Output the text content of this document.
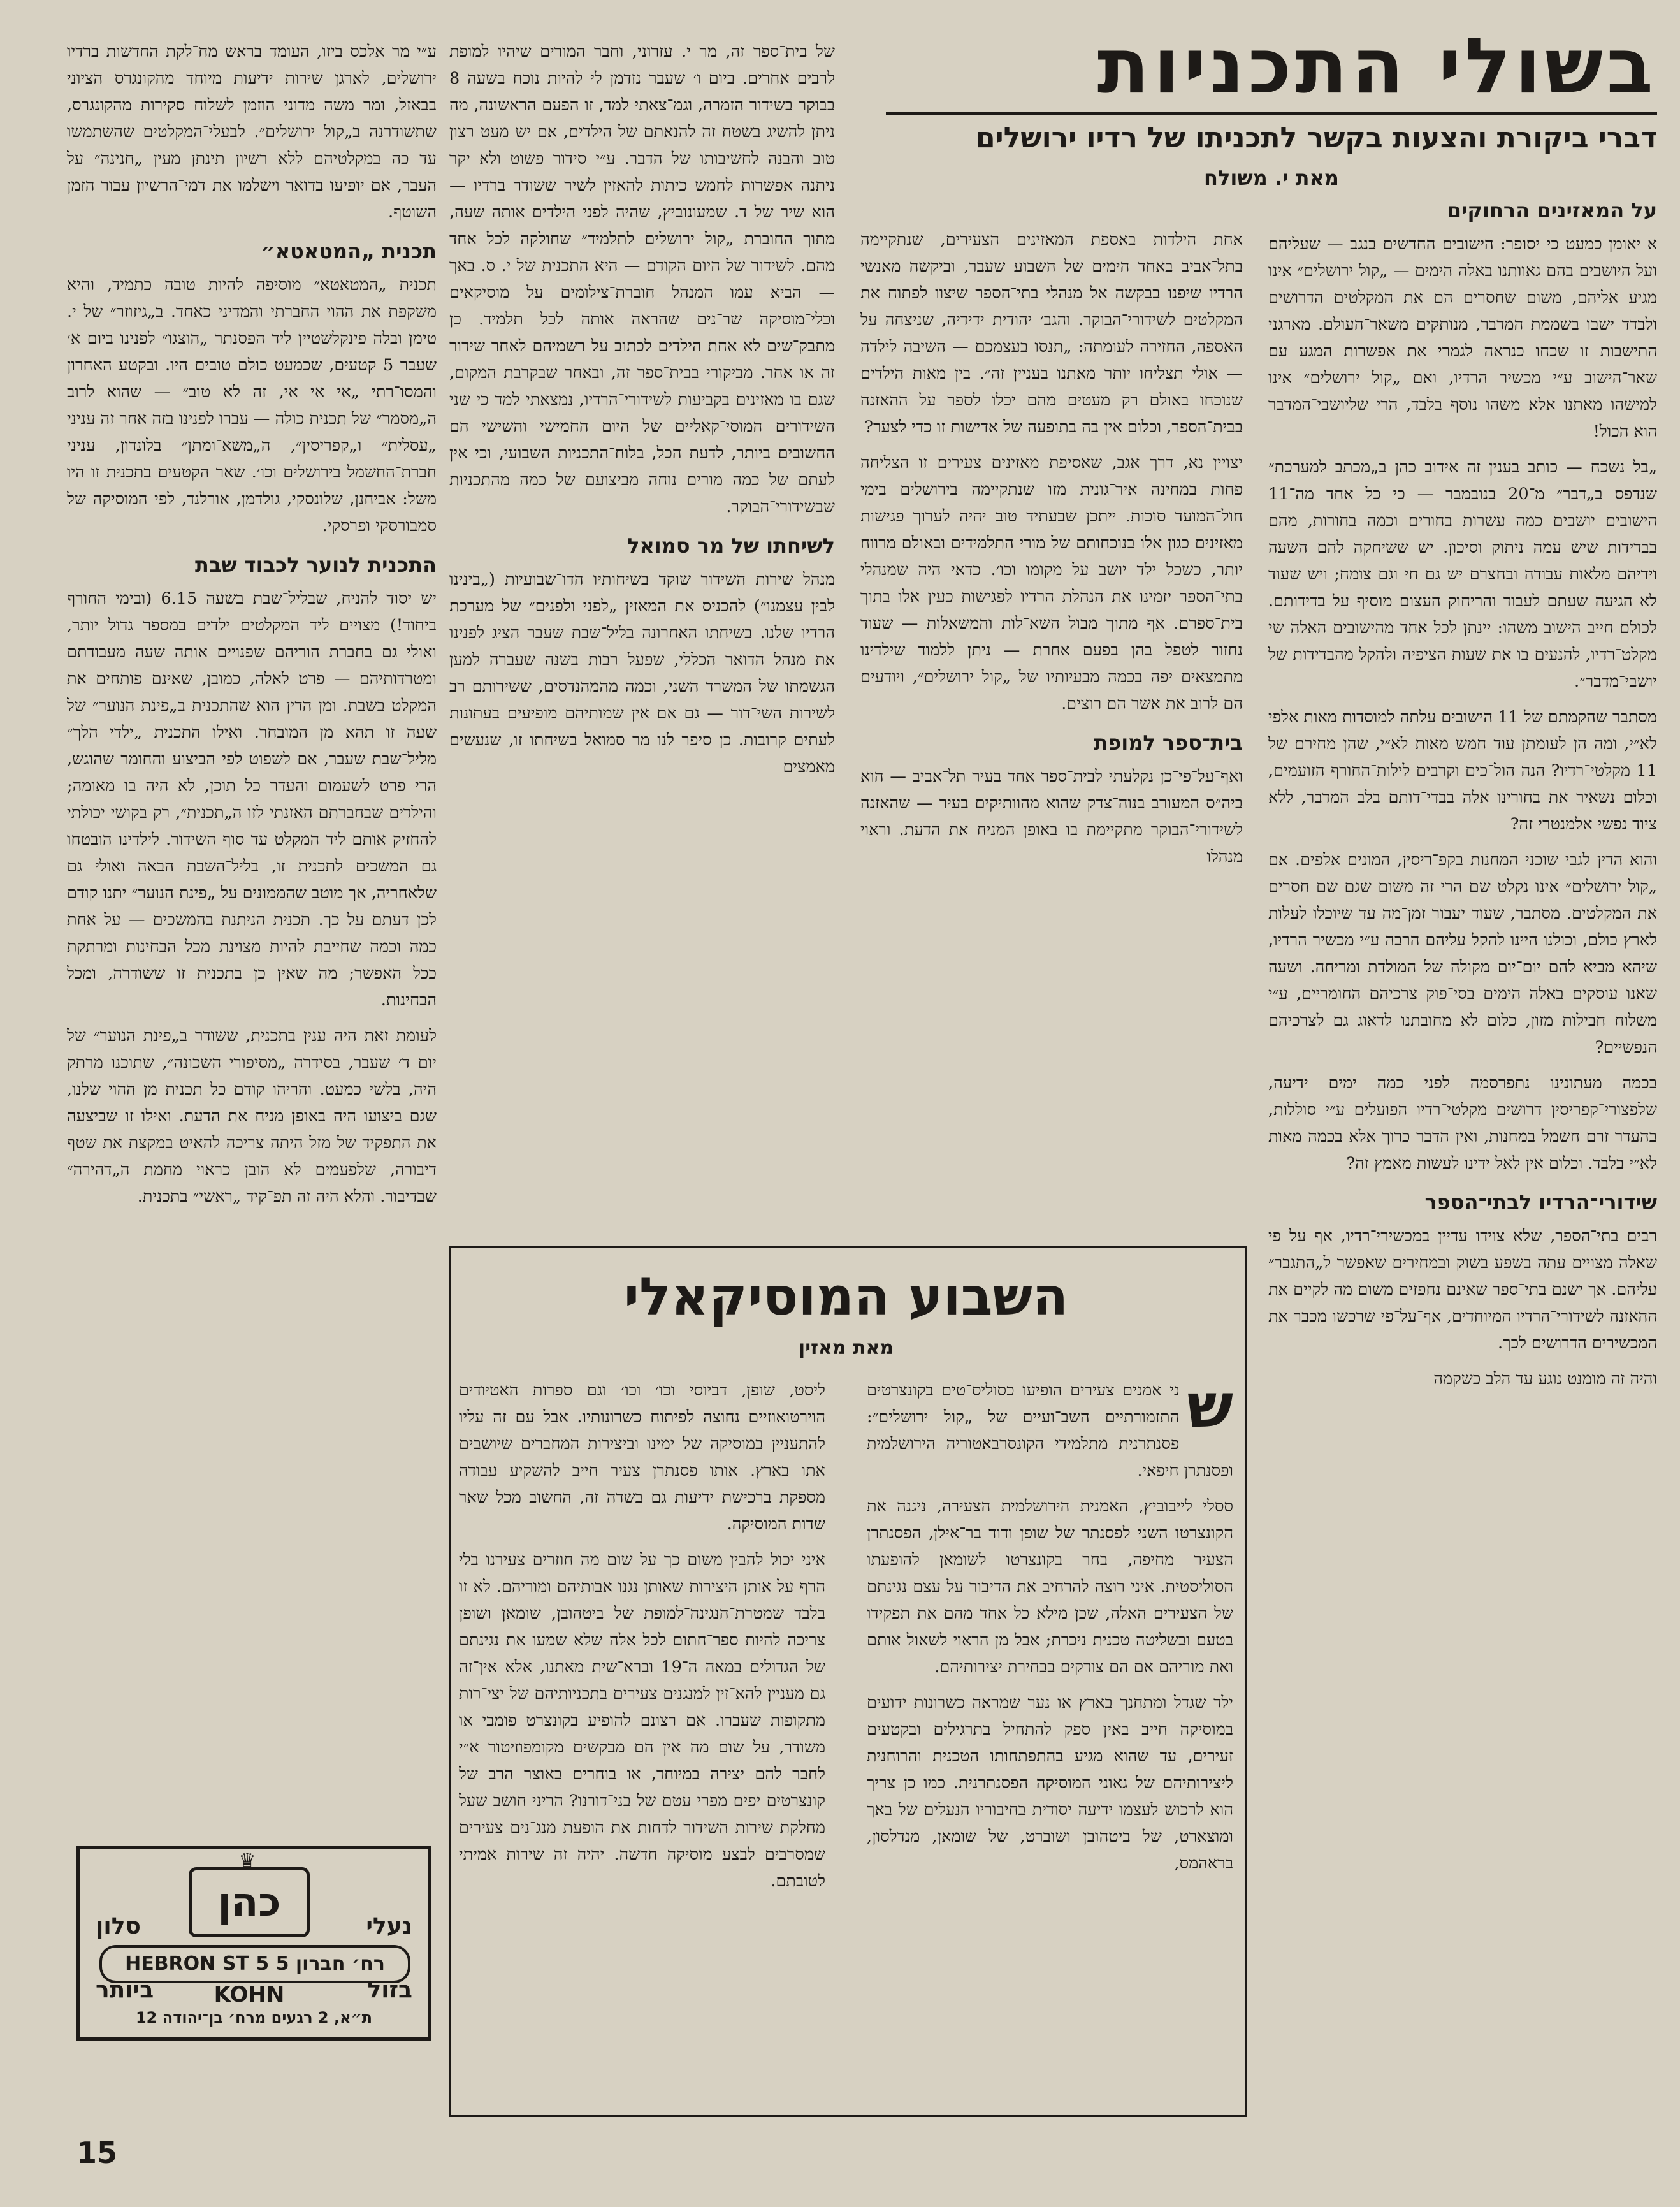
בשולי התכניות
דברי ביקורת והצעות בקשר לתכניתו של רדיו ירושלים
מאת י. משולח
על המאזינים הרחוקים

א יאומן כמעט כי יסופר: הישובים החדשים בנגב — שעליהם ועל היושבים בהם גאוותנו באלה הימים — „קול ירושלים״ אינו מגיע אליהם, משום שחסרים הם את המקלטים הדרושים ולבדד ישבו בשממת המדבר, מנותקים משאר־העולם. מארגני התישבות זו שכחו כנראה לגמרי את אפשרות המגע עם שאר־הישוב ע״י מכשיר הרדיו, ואם „קול ירושלים״ אינו למישהו מאתנו אלא משהו נוסף בלבד, הרי שליושבי־המדבר הוא הכול!

„בל נשכח — כותב בענין זה אידוב כהן ב„מכתב למערכת״ שנדפס ב„דבר״ מ־20 בנובמבר — כי כל אחד מה־11 הישובים יושבים כמה עשרות בחורים וכמה בחורות, מהם בבדידות שיש עמה ניתוק וסיכון. יש ששיחקה להם השעה וידיהם מלאות עבודה ובחצרם יש גם חי וגם צומח; ויש שעוד לא הגיעה שעתם לעבוד והריחוק העצום מוסיף על בדידותם. לכולם חייב הישוב משהו: יינתן לכל אחד מהישובים האלה שי מקלט־רדיו, להנעים בו את שעות הציפיה ולהקל מהבדידות של יושבי־מדבר״.

מסתבר שהקמתם של 11 הישובים עלתה למוסדות מאות אלפי לא״י, ומה הן לעומתן עוד חמש מאות לא״י, שהן מחירם של 11 מקלטי־רדיו? הנה הול־כים וקרבים לילות־החורף הזועמים, וכלום נשאיר את בחורינו אלה בבדי־דותם בלב המדבר, ללא ציוד נפשי אלמנטרי זה?

והוא הדין לגבי שוכני המחנות בקפ־ריסין, המונים אלפים. אם „קול ירושלים״ אינו נקלט שם הרי זה משום שגם שם חסרים את המקלטים. מסתבר, שעוד יעבור זמן־מה עד שיוכלו לעלות לארץ כולם, וכולנו היינו להקל עליהם הרבה ע״י מכשיר הרדיו, שיהא מביא להם יום־יום מקולה של המולדת ומריחה. ושעה שאנו עוסקים באלה הימים בסי־פוק צרכיהם החומריים, ע״י משלוח חבילות מזון, כלום לא מחובתנו לדאוג גם לצרכיהם הנפשיים?

בכמה מעתונינו נתפרסמה לפני כמה ימים ידיעה, שלפצורי־קפריסין דרושים מקלטי־רדיו הפועלים ע״י סוללות, בהעדר זרם חשמל במחנות, ואין הדבר כרוך אלא בכמה מאות לא״י בלבד. וכלום אין לאל ידינו לעשות מאמץ זה?

שידורי־הרדיו לבתי־הספר

רבים בתי־הספר, שלא צוידו עדיין במכשירי־רדיו, אף על פי שאלה מצויים עתה בשפע בשוק ובמחירים שאפשר ל„התגבר״ עליהם. אך ישנם בתי־ספר שאינם נחפזים משום מה לקיים את ההאזנה לשידורי־הרדיו המיוחדים, אף־על־פי שרכשו מכבר את המכשירים הדרושים לכך.

והיה זה מומנט נוגע עד הלב כשקמה

אחת הילדות באספת המאזינים הצעירים, שנתקיימה בתל־אביב באחד הימים של השבוע שעבר, וביקשה מאנשי הרדיו שיפנו בבקשה אל מנהלי בתי־הספר שיצוו לפתוח את המקלטים לשידורי־הבוקר. והגב׳ יהודית ידידיה, שניצחה על האספה, החזירה לעומתה: „תנסו בעצמכם — השיבה לילדה — אולי תצליחו יותר מאתנו בעניין זה״. בין מאות הילדים שנוכחו באולם רק מעטים מהם יכלו לספר על ההאזנה בבית־הספר, וכלום אין בה בתופעה של אדישות זו כדי לצער?

יצויין נא, דרך אגב, שאסיפת מאזינים צעירים זו הצליחה פחות במחינה איר־גונית מזו שנתקיימה בירושלים בימי חול־המועד סוכות. ייתכן שבעתיד טוב יהיה לערוך פגישות מאזינים כגון אלו בנוכחותם של מורי התלמידים ובאולם מרווח יותר, כשכל ילד יושב על מקומו וכו׳. כדאי היה שמנהלי בתי־הספר יזמינו את הנהלת הרדיו לפגישות כעין אלו בתוך בית־ספרם. אף מתוך מבול השא־לות והמשאלות — שעוד נחזור לטפל בהן בפעם אחרת — ניתן ללמוד שילדינו מתמצאים יפה בכמה מבעיותיו של „קול ירושלים״, ויודעים הם לרוב את אשר הם רוצים.

בית־ספר למופת

ואף־על־פי־כן נקלעתי לבית־ספר אחד בעיר תל־אביב — הוא ביה״ס המעורב בנוה־צדק שהוא מהוותיקים בעיר — שהאזנה לשידורי־הבוקר מתקיימת בו באופן המניח את הדעת. וראוי מנהלו

של בית־ספר זה, מר י. עזרוני, וחבר המורים שיהיו למופת לרבים אחרים. ביום ו׳ שעבר נזדמן לי להיות נוכח בשעה 8 בבוקר בשידור הזמרה, וגמ־צאתי למד, זו הפעם הראשונה, מה ניתן להשיג בשטח זה להנאתם של הילדים, אם יש מעט רצון טוב והבנה לחשיבותו של הדבר. ע״י סידור פשוט ולא יקר ניתנה אפשרות לחמש כיתות להאזין לשיר ששודר ברדיו — הוא שיר של ד. שמעונוביץ, שהיה לפני הילדים אותה שעה, מתוך החוברת „קול ירושלים לתלמיד״ שחולקה לכל אחד מהם. לשידור של היום הקודם — היא התכנית של י. ס. באך — הביא עמו המנהל חוברת־צילומים על מוסיקאים וכלי־מוסיקה שר־נים שהראה אותה לכל תלמיד. כן מתבק־שים לא אחת הילדים לכתוב על רשמיהם לאחר שידור זה או אחר. מביקורי בבית־ספר זה, ובאחר שבקרבת המקום, שגם בו מאזינים בקביעות לשידורי־הרדיו, נמצאתי למד כי שני השידורים המוסי־קאליים של היום החמישי והשישי הם החשובים ביותר, לדעת הכל, בלוח־התכניות השבועי, וכי אין לעתם של כמה מורים נוחה מביצועם של כמה מהתכניות שבשידורי־הבוקר.

לשיחתו של מר סמואל

מנהל שירות השידור שוקד בשיחותיו הדו־שבועיות („בינינו לבין עצמנו״) להכניס את המאזין „לפני ולפנים״ של מערכת הרדיו שלנו. בשיחתו האחרונה בליל־שבת שעבר הציג לפנינו את מנהל הדואר הכללי, שפעל רבות בשנה שעברה למען הגשמתו של המשרד השני, וכמה מהמהנדסים, ששירותם רב לשירות השי־דור — גם אם אין שמותיהם מופיעים בעתונות לעתים קרובות. כן סיפר לנו מר סמואל בשיחתו זו, שנעשים מאמצים

ע״י מר אלכס ביזו, העומד בראש מח־לקת החדשות ברדיו ירושלים, לארגן שירות ידיעות מיוחד מהקונגרס הציוני בבאזל, ומר משה מדוני הוזמן לשלוח סקירות מהקונגרס, שתשודרנה ב„קול ירושלים״. לבעלי־המקלטים שהשתמשו עד כה במקלטיהם ללא רשיון תינתן מעין „חנינה״ על העבר, אם יופיעו בדואר וישלמו את דמי־הרשיון עבור הזמן השוטף.

תכנית „המטאטא״

תכנית „המטאטא״ מוסיפה להיות טובה כתמיד, והיא משקפת את ההוי החברתי והמדיני כאחד. ב„גיזוזר״ של י. טימן ובלה פינקלשטיין ליד הפסנתר „הוצגו״ לפנינו ביום א׳ שעבר 5 קטעים, שכמעט כולם טובים היו. ובקטע האחרון והמסו־רתי „אי אי אי, זה לא טוב״ — שהוא לרוב ה„מסמר״ של תכנית כולה — עברו לפנינו בזה אחר זה עניני „עסלית״ ו„קפריסין״, ה„משא־ומתן״ בלונדון, עניני חברת־החשמל בירושלים וכו׳. שאר הקטעים בתכנית זו היו משל: אביחנן, שלונסקי, גולדמן, אורלנד, לפי המוסיקה של סמבורסקי ופרסקי.

התכנית לנוער לכבוד שבת

יש יסוד להניח, שבליל־שבת בשעה 6.15 (ובימי החורף ביחוד!) מצויים ליד המקלטים ילדים במספר גדול יותר, ואולי גם בחברת הוריהם שפנויים אותה שעה מעבודתם ומטרדותיהם — פרט לאלה, כמובן, שאינם פותחים את המקלט בשבת. ומן הדין הוא שהתכנית ב„פינת הנוער״ של שעה זו תהא מן המובחר. ואילו התכנית „ילדי הלך״ מליל־שבת שעבר, אם לשפוט לפי הביצוע והחומר שהוגש, הרי פרט לשעמום והעדר כל תוכן, לא היה בו מאומה; והילדים שבחברתם האזנתי לזו ה„תכנית״, רק בקושי יכולתי להחזיק אותם ליד המקלט עד סוף השידור. לילדינו הובטחו גם המשכים לתכנית זו, בליל־השבת הבאה ואולי גם שלאחריה, אך מוטב שהממונים על „פינת הנוער״ יתנו קודם לכן דעתם על כך. תכנית הניתנת בהמשכים — על אחת כמה וכמה שחייבת להיות מצוינת מכל הבחינות ומרתקת ככל האפשר; מה שאין כן בתכנית זו ששודרה, ומכל הבחינות.

לעומת זאת היה ענין בתכנית, ששודר ב„פינת הנוער״ של יום ד׳ שעבר, בסידרה „מסיפורי השכונה״, שתוכנו מרתק היה, בלשי כמעט. והריהו קודם כל תכנית מן ההוי שלנו, שגם ביצועו היה באופן מניח את הדעת. ואילו זו שביצעה את התפקיד של מזל היתה צריכה להאיט במקצת את שטף דיבורה, שלפעמים לא הובן כראוי מחמת ה„דהירה״ שבדיבור. והלא היה זה תפ־קיד „ראשי״ בתכנית.

השבוע המוסיקאלי
מאת מאזין
ש

ני אמנים צעירים הופיעו כסוליס־טים בקונצרטים התזמורתיים השב־ועיים של „קול ירושלים״: פסנתרנית מתלמידי הקונסרבאטוריה הירושלמית ופסנתרן חיפאי.

ססלי לייבוביץ, האמנית הירושלמית הצעירה, ניגנה את הקונצרטו השני לפסנתר של שופן ודוד בר־אילן, הפסנתרן הצעיר מחיפה, בחר בקונצרטו לשומאן להופעתו הסוליסטית. איני רוצה להרחיב את הדיבור על עצם נגינתם של הצעירים האלה, שכן מילא כל אחד מהם את תפקידו בטעם ובשליטה טכנית ניכרת; אבל מן הראוי לשאול אותם ואת מוריהם אם הם צודקים בבחירת יצירותיהם.

ילד שגדל ומתחנך בארץ או נער שמראה כשרונות ידועים במוסיקה חייב באין ספק להתחיל בתרגילים ובקטעים זעירים, עד שהוא מגיע בהתפתחותו הטכנית והרוחנית ליצירותיהם של גאוני המוסיקה הפסנתרנית. כמו כן צריך הוא לרכוש לעצמו ידיעה יסודית בחיבוריו הנעלים של באך ומוצארט, של ביטהובן ושוברט, של שומאן, מנדלסון, בראהמס,

ליסט, שופן, דביוסי וכו׳ וכו׳ וגם ספרות האטיודים הוירטואוזיים נחוצה לפיתוח כשרונותיו. אבל עם זה עליו להתעניין במוסיקה של ימינו וביצירות המחברים שיושבים אתו בארץ. אותו פסנתרן צעיר חייב להשקיע עבודה מספקת ברכישת ידיעות גם בשדה זה, החשוב מכל שאר שדות המוסיקה.

איני יכול להבין משום כך על שום מה חוזרים צעירנו בלי הרף על אותן היצירות שאותן נגנו אבותיהם ומוריהם. לא זו בלבד שמטרת־הנגינה־למופת של ביטהובן, שומאן ושופן צריכה להיות ספר־חתום לכל אלה שלא שמעו את נגינתם של הגדולים במאה ה־19 וברא־שית מאתנו, אלא אין־זה גם מעניין להא־זין למנגנים צעירים בתכניותיהם של יצי־רות מתקופות שעברו. אם רצונם להופיע בקונצרט פומבי או משודר, על שום מה אין הם מבקשים מקומפוזיטור א״י לחבר להם יצירה במיוחד, או בוחרים באוצר הרב של קונצרטים יפים מפרי עטם של בני־דורנו? הריני חושב שעל מחלקת שירות השידור לדחות את הופעת מנג־נים צעירים שמסרבים לבצע מוסיקה חדשה. יהיה זה שירות אמיתי לטובתם.

נעלי
סלון
♛
כהן
HEBRON ST 5 רח׳ חברון 5
KOHN	בזול
ביותר
ת״א, 2 רגעים מרח׳ בן־יהודה 12
15
